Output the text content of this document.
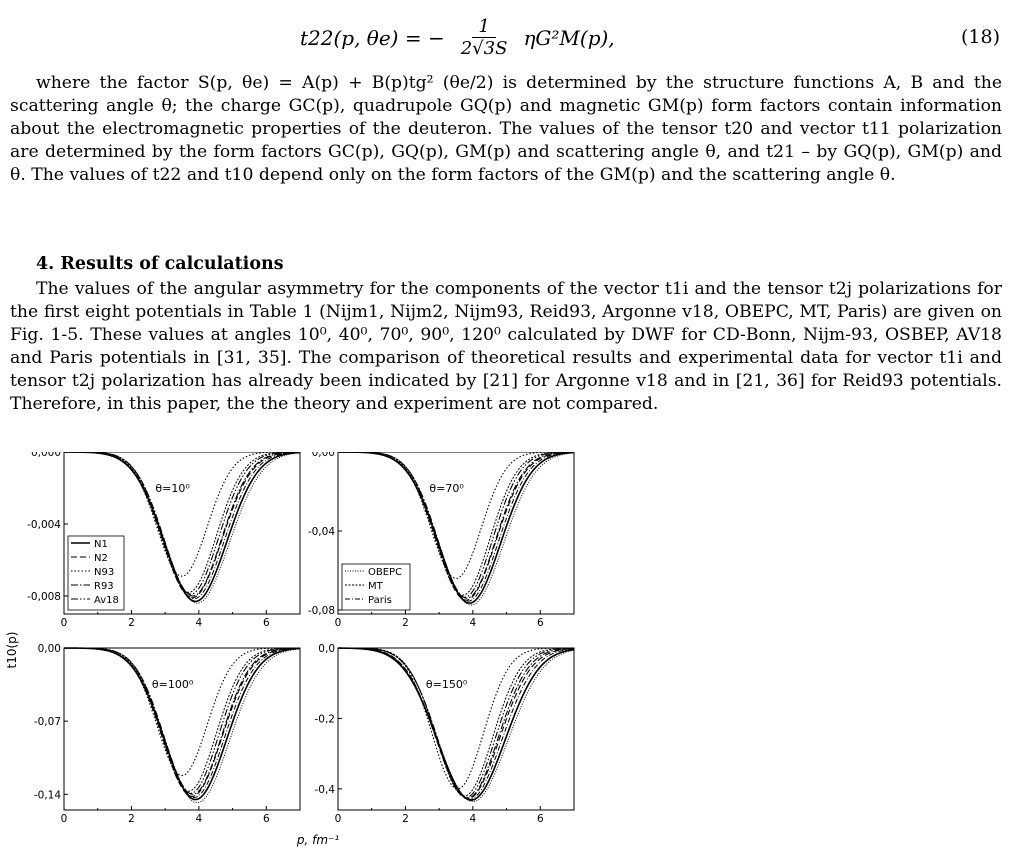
t22(p, θe) = − $\frac{1}{2√3S} \eta G^2M(p)$,	(18)
where the factor S(p, θe) = A(p) + B(p)tg² (θe/2) is determined by the structure functions A, B and the scattering angle θ; the charge GC(p), quadrupole GQ(p) and magnetic GM(p) form factors contain information about the electromagnetic properties of the deuteron. The values of the tensor t20 and vector t11 polarization are determined by the form factors GC(p), GQ(p), GM(p) and scattering angle θ, and t21 – by GQ(p), GM(p) and θ. The values of t22 and t10 depend only on the form factors of the GM(p) and the scattering angle θ.
4. Results of calculations
The values of the angular asymmetry for the components of the vector t1i and the tensor t2j polarizations for the first eight potentials in Table 1 (Nijm1, Nijm2, Nijm93, Reid93, Argonne v18, OBEPC, MT, Paris) are given on Fig. 1-5. These values at angles 10⁰, 40⁰, 70⁰, 90⁰, 120⁰ calculated by DWF for CD-Bonn, Nijm-93, OSBEP, AV18 and Paris potentials in [31, 35]. The comparison of theoretical results and experimental data for vector t1i and tensor t2j polarization has already been indicated by [21] for Argonne v18 and in [21, 36] for Reid93 potentials. Therefore, in this paper, the the theory and experiment are not compared.
t10(p)
p, fm⁻¹
0	2	4	6
0,000
-0,004
-0,008
θ=10⁰
N1
N2
N93
R93
Av18
0	2	4	6
0,00
-0,04
-0,08
θ=70⁰
OBEPC
MT
Paris
0	2	4	6
0,00
-0,07
-0,14
θ=100⁰
0	2	4	6
0,0
-0,2
-0,4
θ=150⁰
